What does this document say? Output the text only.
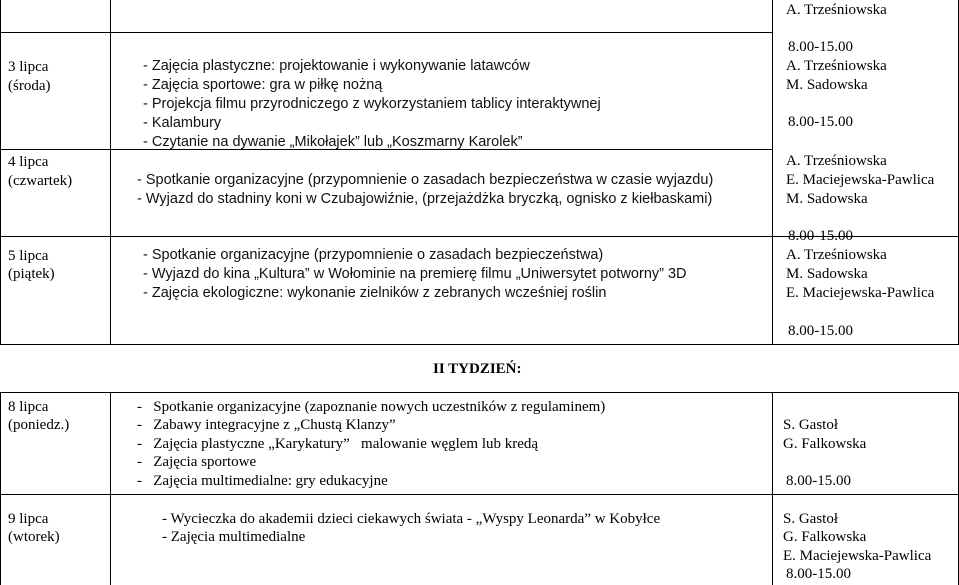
3 lipca
(środa)
4 lipca
(czwartek)
5 lipca
(piątek)
- Zajęcia plastyczne: projektowanie i wykonywanie latawców
- Zajęcia sportowe: gra w piłkę nożną
- Projekcja filmu przyrodniczego z wykorzystaniem tablicy interaktywnej
- Kalambury
- Czytanie na dywanie „Mikołajek” lub „Koszmarny Karolek”
- Spotkanie organizacyjne (przypomnienie o zasadach bezpieczeństwa w czasie wyjazdu)
- Wyjazd do stadniny koni w Czubajowiźnie, (przejażdżka bryczką, ognisko z kiełbaskami)
- Spotkanie organizacyjne (przypomnienie o zasadach bezpieczeństwa)
- Wyjazd do kina „Kultura” w Wołominie na premierę filmu „Uniwersytet potworny” 3D
- Zajęcia ekologiczne: wykonanie zielników z zebranych wcześniej roślin
A. Trześniowska
8.00-15.00
A. Trześniowska
M. Sadowska
8.00-15.00
A. Trześniowska
E. Maciejewska-Pawlica
M. Sadowska
8.00-15.00
A. Trześniowska
M. Sadowska
E. Maciejewska-Pawlica
8.00-15.00
II TYDZIEŃ:
8 lipca
(poniedz.)
9 lipca
(wtorek)
-   Spotkanie organizacyjne (zapoznanie nowych uczestników z regulaminem)
-   Zabawy integracyjne z „Chustą Klanzy”
-   Zajęcia plastyczne „Karykatury”   malowanie węglem lub kredą
-   Zajęcia sportowe
-   Zajęcia multimedialne: gry edukacyjne
- Wycieczka do akademii dzieci ciekawych świata - „Wyspy Leonarda” w Kobyłce
- Zajęcia multimedialne
S. Gastoł
G. Falkowska
8.00-15.00
S. Gastoł
G. Falkowska
E. Maciejewska-Pawlica
8.00-15.00
